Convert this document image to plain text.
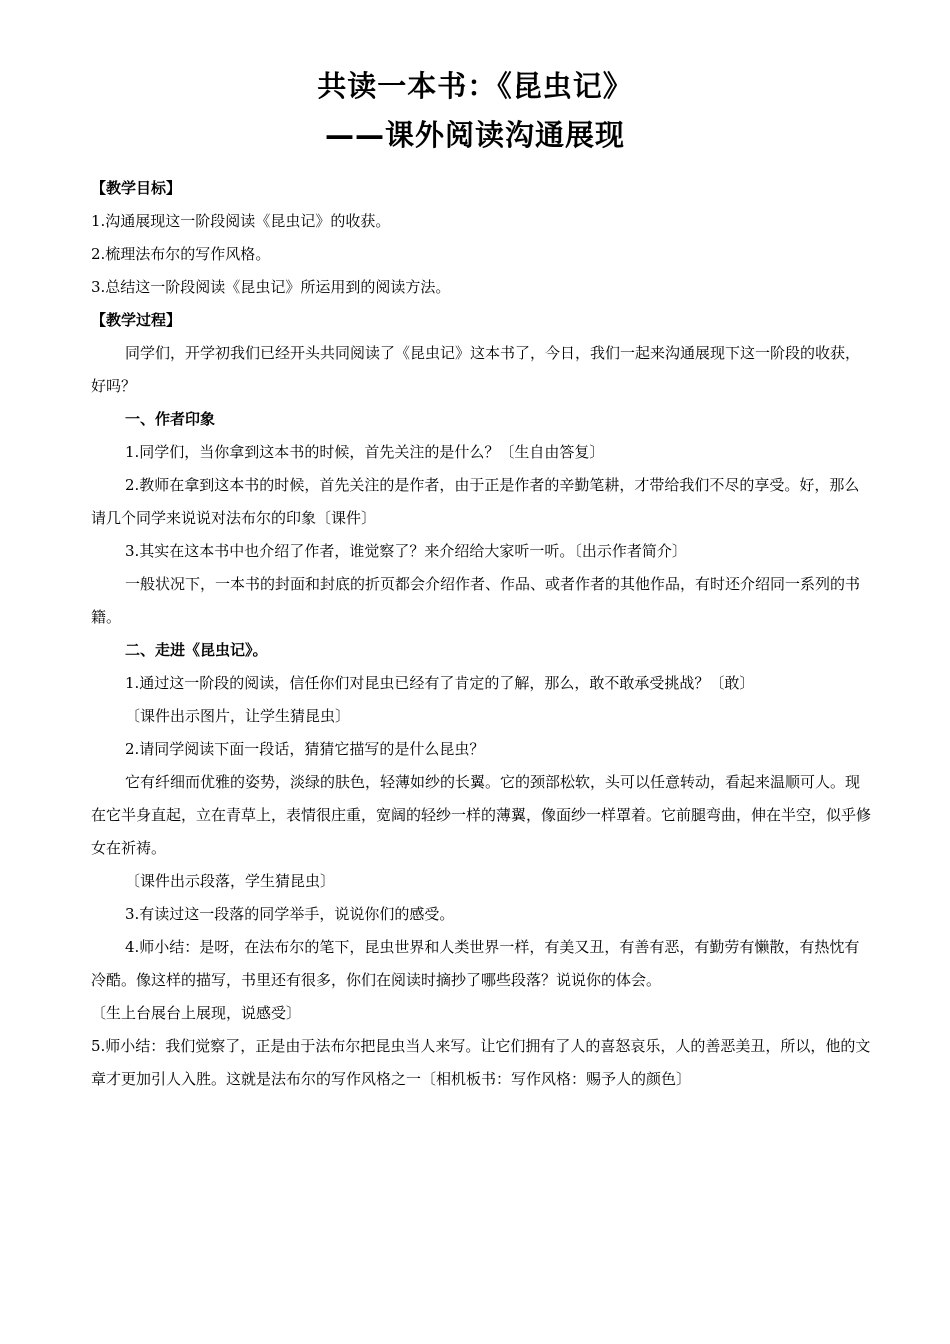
共读一本书：《昆虫记》
——课外阅读沟通展现

【教学目标】

1.沟通展现这一阶段阅读《昆虫记》的收获。

2.梳理法布尔的写作风格。

3.总结这一阶段阅读《昆虫记》所运用到的阅读方法。

【教学过程】

同学们，开学初我们已经开头共同阅读了《昆虫记》这本书了，今日，我们一起来沟通展现下这一阶段的收获，好吗？

一、作者印象

1.同学们，当你拿到这本书的时候，首先关注的是什么？〔生自由答复〕

2.教师在拿到这本书的时候，首先关注的是作者，由于正是作者的辛勤笔耕，才带给我们不尽的享受。好，那么请几个同学来说说对法布尔的印象〔课件〕

3.其实在这本书中也介绍了作者，谁觉察了？来介绍给大家听一听。〔出示作者简介〕

一般状况下，一本书的封面和封底的折页都会介绍作者、作品、或者作者的其他作品，有时还介绍同一系列的书籍。

二、走进《昆虫记》。

1.通过这一阶段的阅读，信任你们对昆虫已经有了肯定的了解，那么，敢不敢承受挑战？〔敢〕

〔课件出示图片，让学生猜昆虫〕

2.请同学阅读下面一段话，猜猜它描写的是什么昆虫？

它有纤细而优雅的姿势，淡绿的肤色，轻薄如纱的长翼。它的颈部松软，头可以任意转动，看起来温顺可人。现在它半身直起，立在青草上，表情很庄重，宽阔的轻纱一样的薄翼，像面纱一样罩着。它前腿弯曲，伸在半空，似乎修女在祈祷。

〔课件出示段落，学生猜昆虫〕

3.有读过这一段落的同学举手，说说你们的感受。

4.师小结：是呀，在法布尔的笔下，昆虫世界和人类世界一样，有美又丑，有善有恶，有勤劳有懒散，有热忱有冷酷。像这样的描写，书里还有很多，你们在阅读时摘抄了哪些段落？说说你的体会。

〔生上台展台上展现，说感受〕

5.师小结：我们觉察了，正是由于法布尔把昆虫当人来写。让它们拥有了人的喜怒哀乐，人的善恶美丑，所以，他的文章才更加引人入胜。这就是法布尔的写作风格之一〔相机板书：写作风格：赐予人的颜色〕
